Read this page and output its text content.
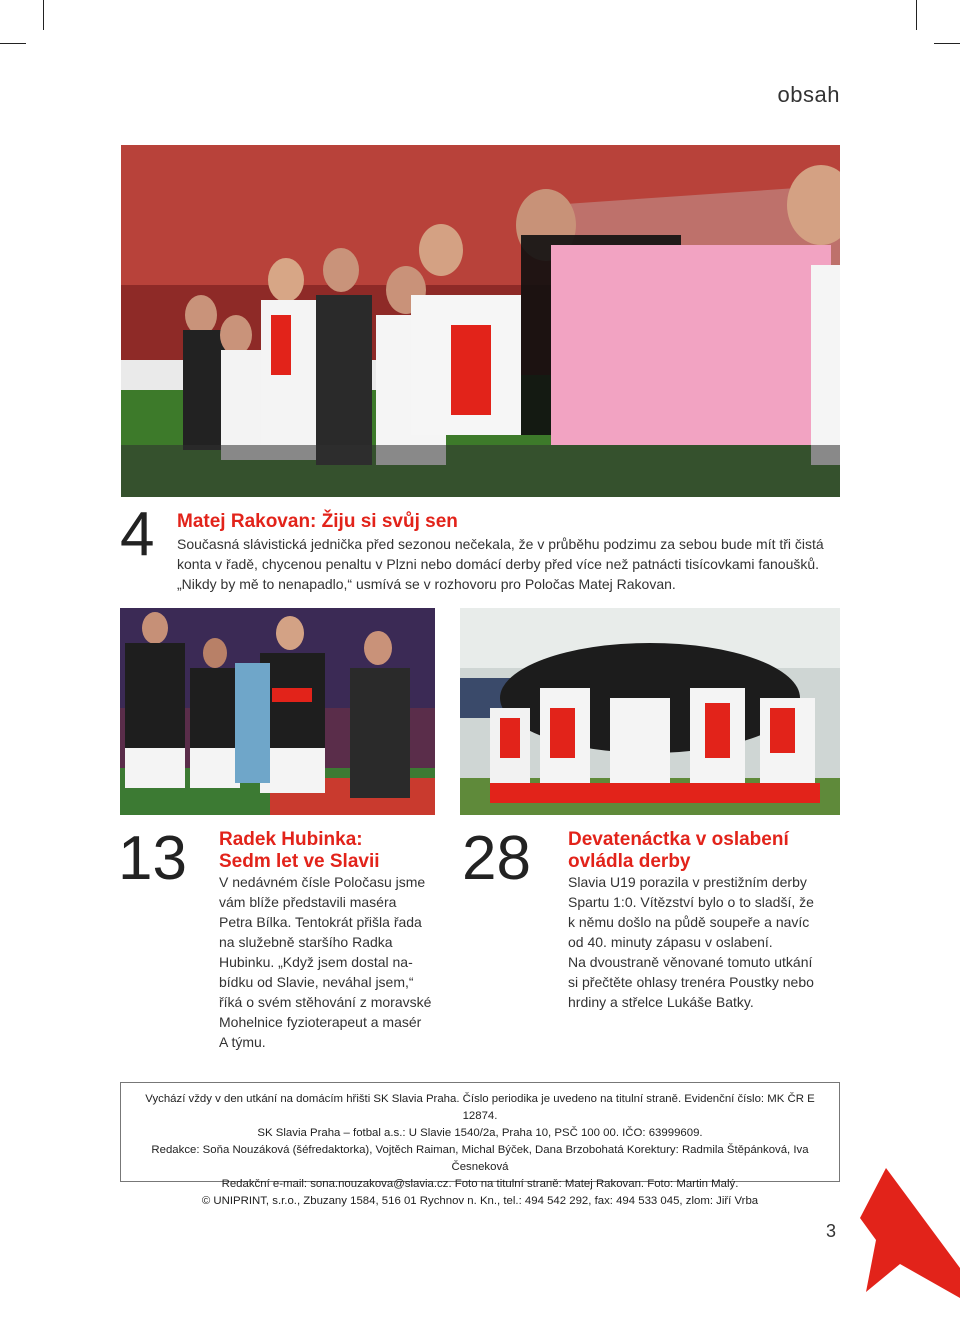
obsah
4 Matej Rakovan: Žiju si svůj sen
Současná slávistická jednička před sezonou nečekala, že v průběhu podzimu za sebou bude mít tři čistá
konta v řadě, chycenou penaltu v Plzni nebo domácí derby před více než patnácti tisícovkami fanoušků.
„Nikdy by mě to nenapadlo,“ usmívá se v rozhovoru pro Poločas Matej Rakovan.
13 Radek Hubinka:
Sedm let ve Slavii
V nedávném čísle Poločasu jsme
vám blíže představili maséra
Petra Bílka. Tentokrát přišla řada
na služebně staršího Radka
Hubinku. „Když jsem dostal na-
bídku od Slavie, neváhal jsem,“
říká o svém stěhování z moravské
Mohelnice fyzioterapeut a masér
A týmu.
28 Devatenáctka v oslabení
ovládla derby
Slavia U19 porazila v prestižním derby
Spartu 1:0. Vítězství bylo o to sladší, že
k němu došlo na půdě soupeře a navíc
od 40. minuty zápasu v oslabení.
Na dvoustraně věnované tomuto utkání
si přečtěte ohlasy trenéra Poustky nebo
hrdiny a střelce Lukáše Batky.
Vychází vždy v den utkání na domácím hřišti SK Slavia Praha. Číslo periodika je uvedeno na titulní straně. Evidenční číslo: MK ČR E 12874.
SK Slavia Praha – fotbal a.s.: U Slavie 1540/2a, Praha 10, PSČ 100 00. IČO: 63999609.
Redakce: Soňa Nouzáková (šéfredaktorka), Vojtěch Raiman, Michal Býček, Dana Brzobohatá Korektury: Radmila Štěpánková, Iva Česneková
Redakční e-mail: sona.nouzakova@slavia.cz. Foto na titulní straně: Matej Rakovan. Foto: Martin Malý.
© UNIPRINT, s.r.o., Zbuzany 1584, 516 01 Rychnov n. Kn., tel.: 494 542 292, fax: 494 533 045, zlom: Jiří Vrba
3
